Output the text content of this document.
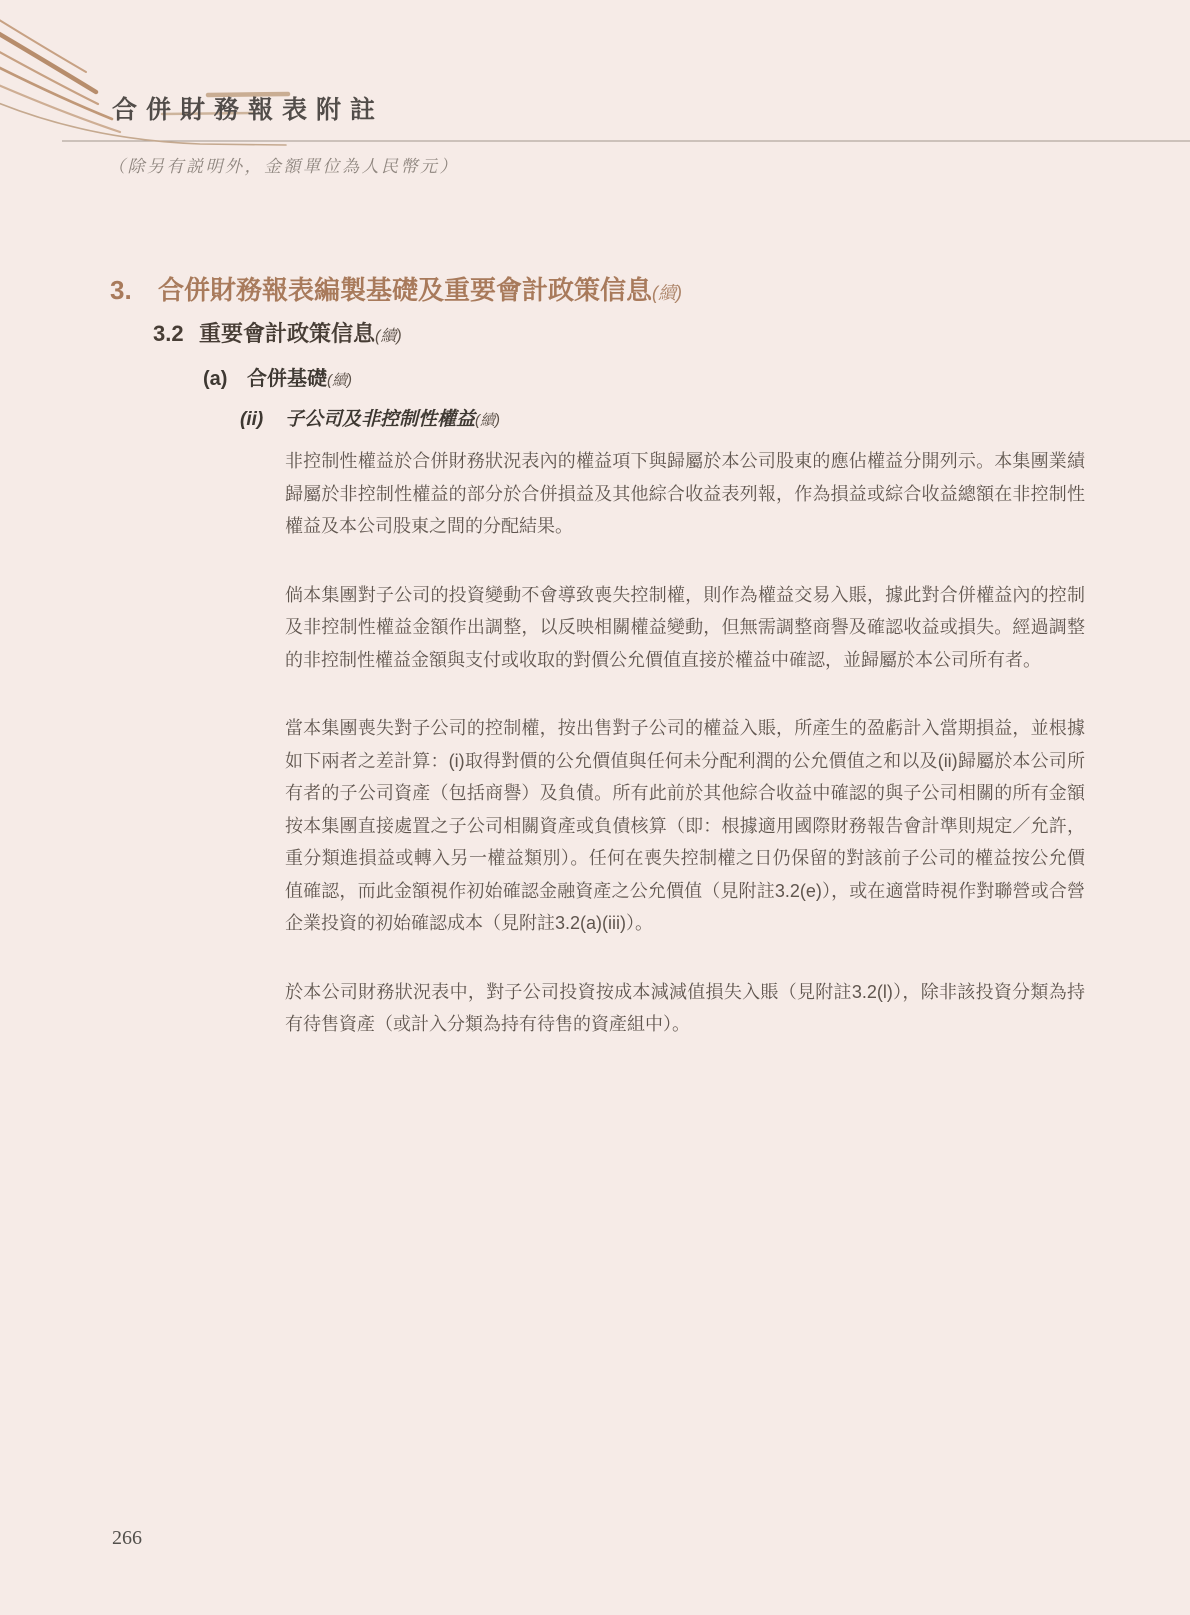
合併財務報表附註
（除另有説明外，金額單位為人民幣元）
3. 合併財務報表編製基礎及重要會計政策信息(續)
3.2 重要會計政策信息(續)
(a) 合併基礎(續)
(ii) 子公司及非控制性權益(續)

非控制性權益於合併財務狀況表內的權益項下與歸屬於本公司股東的應佔權益分開列示。本集團業績歸屬於非控制性權益的部分於合併損益及其他綜合收益表列報，作為損益或綜合收益總額在非控制性權益及本公司股東之間的分配結果。

倘本集團對子公司的投資變動不會導致喪失控制權，則作為權益交易入賬，據此對合併權益內的控制及非控制性權益金額作出調整，以反映相關權益變動，但無需調整商譽及確認收益或損失。經過調整的非控制性權益金額與支付或收取的對價公允價值直接於權益中確認，並歸屬於本公司所有者。

當本集團喪失對子公司的控制權，按出售對子公司的權益入賬，所產生的盈虧計入當期損益，並根據如下兩者之差計算：(i)取得對價的公允價值與任何未分配利潤的公允價值之和以及(ii)歸屬於本公司所有者的子公司資產（包括商譽）及負債。所有此前於其他綜合收益中確認的與子公司相關的所有金額按本集團直接處置之子公司相關資產或負債核算（即：根據適用國際財務報告會計準則規定／允許，重分類進損益或轉入另一權益類別）。任何在喪失控制權之日仍保留的對該前子公司的權益按公允價值確認，而此金額視作初始確認金融資產之公允價值（見附註3.2(e)），或在適當時視作對聯營或合營企業投資的初始確認成本（見附註3.2(a)(iii)）。

於本公司財務狀況表中，對子公司投資按成本減減值損失入賬（見附註3.2(l)），除非該投資分類為持有待售資產（或計入分類為持有待售的資產組中）。

266
